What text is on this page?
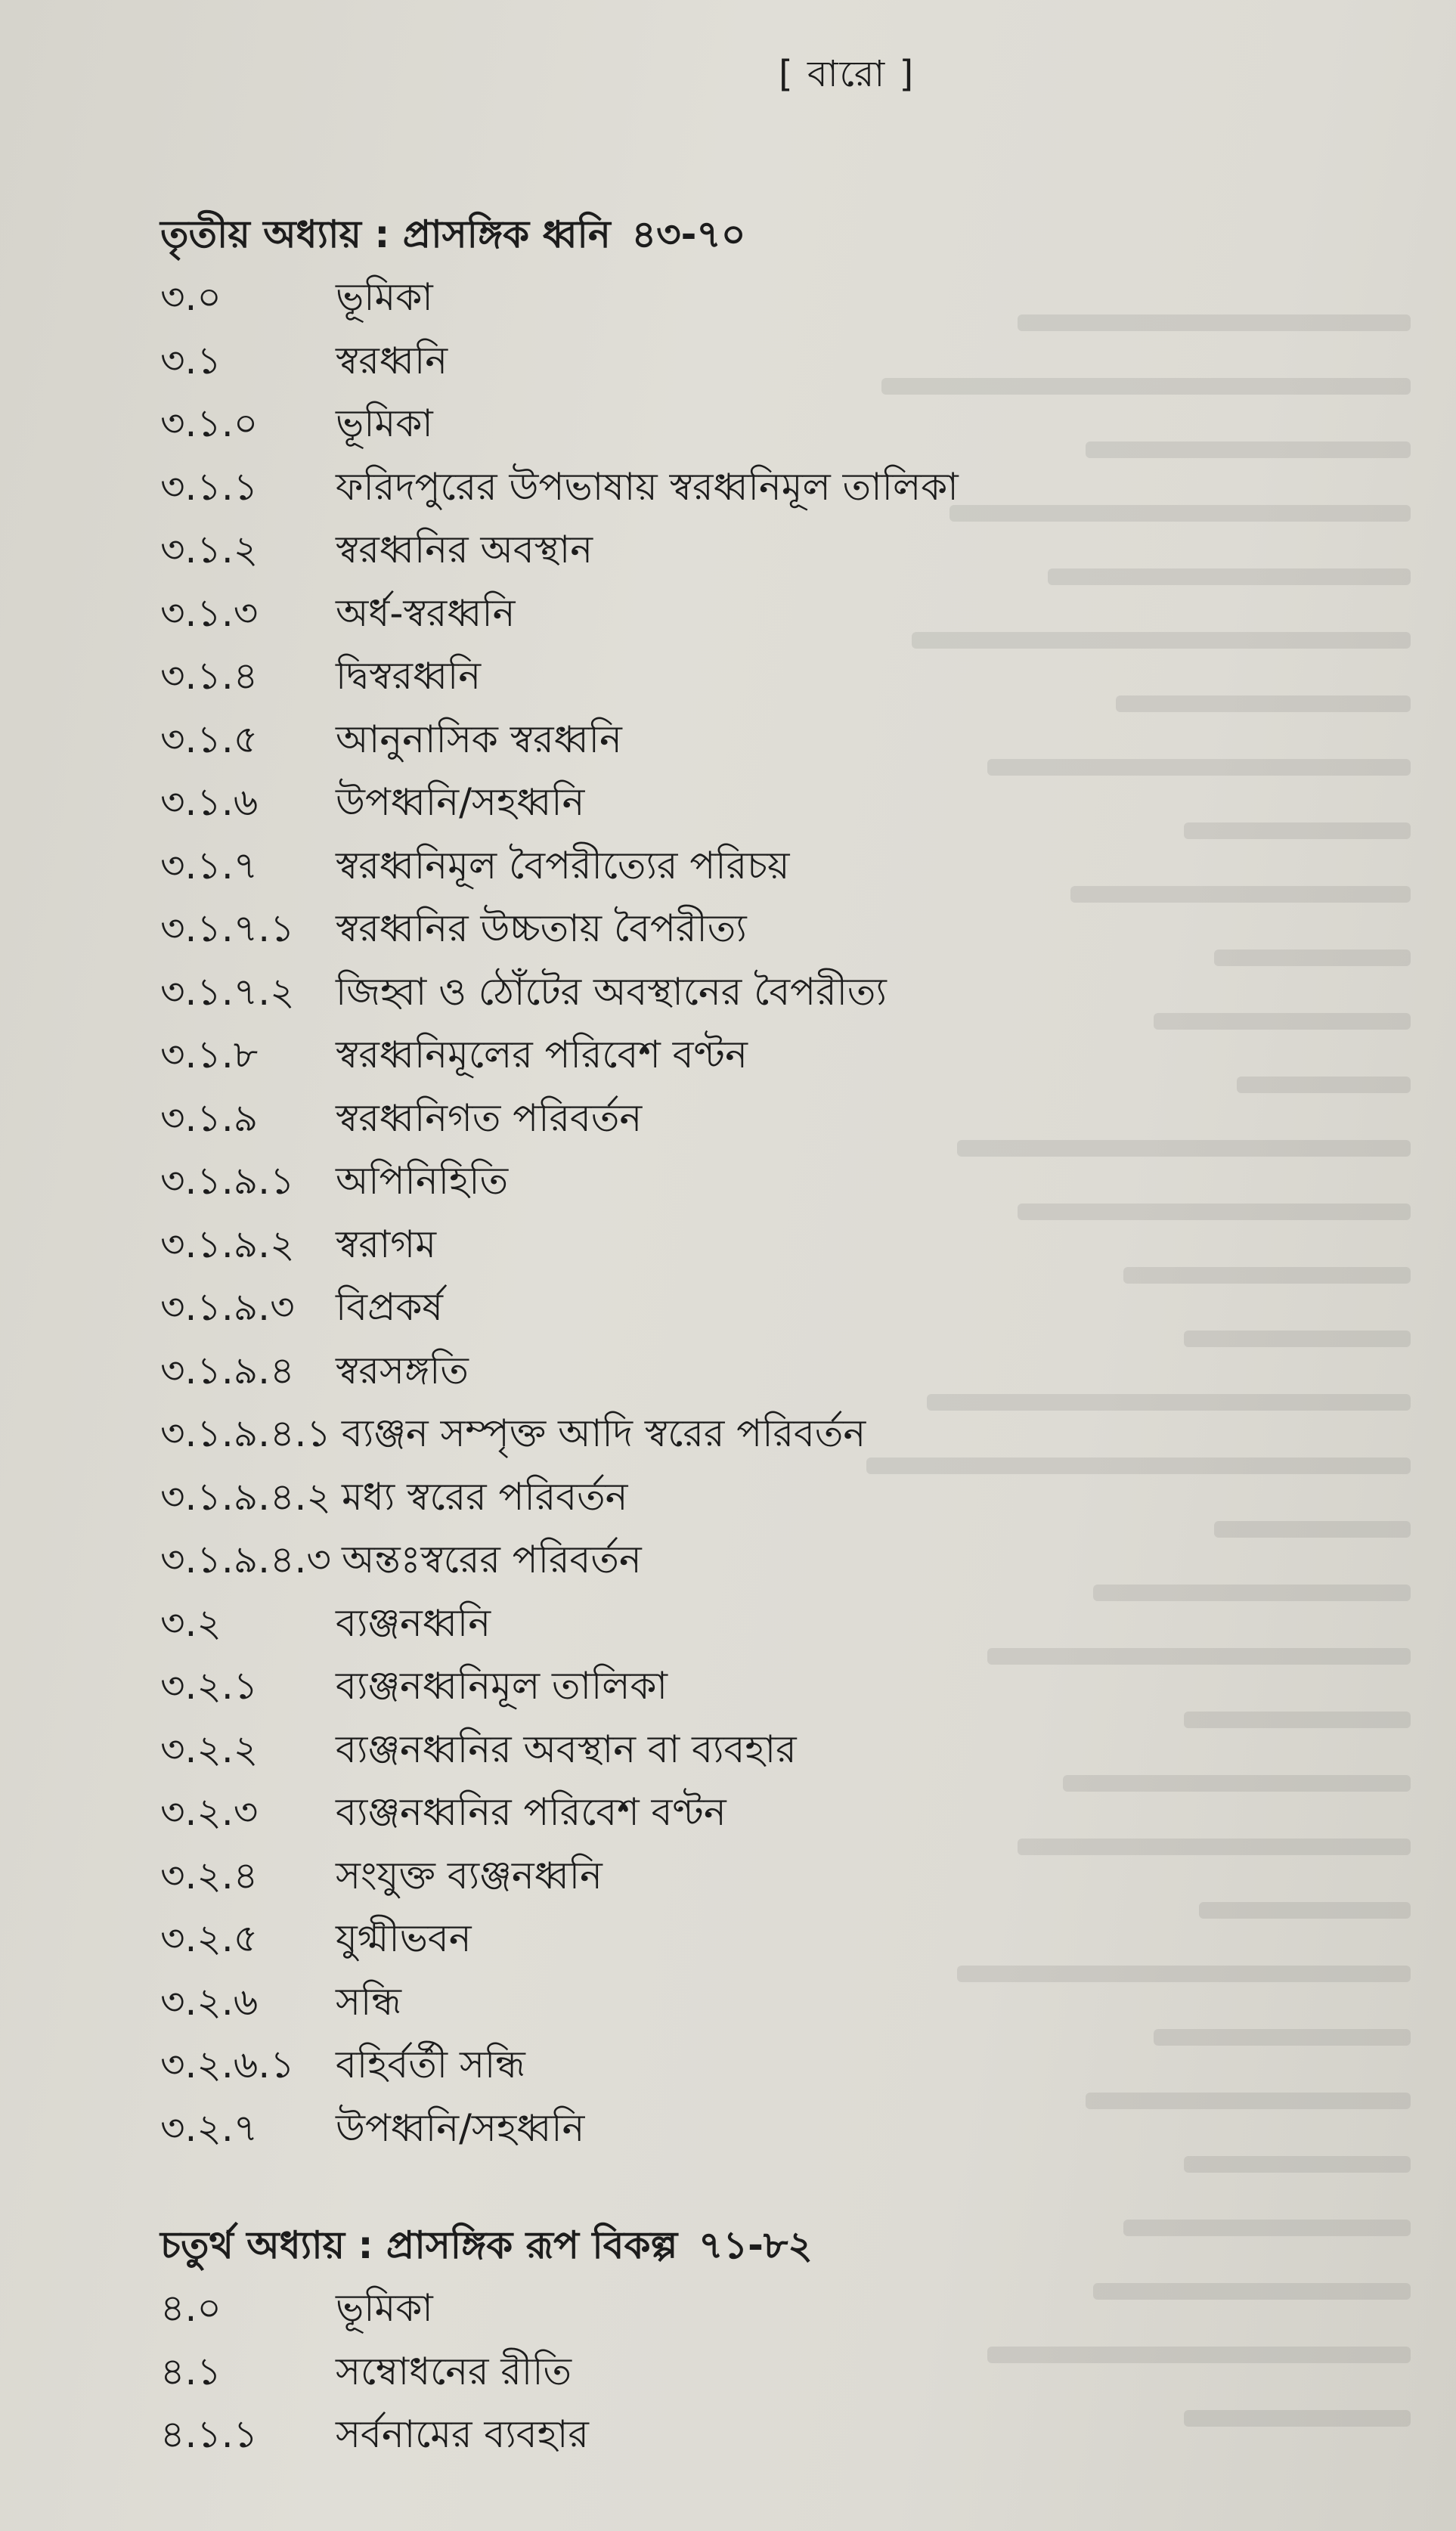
[ বারো ]
তৃতীয় অধ্যায় : প্রাসঙ্গিক ধ্বনি ৪৩-৭০
৩.০	ভূমিকা
৩.১	স্বরধ্বনি
৩.১.০	ভূমিকা
৩.১.১	ফরিদপুরের উপভাষায় স্বরধ্বনিমূল তালিকা
৩.১.২	স্বরধ্বনির অবস্থান
৩.১.৩	অর্ধ-স্বরধ্বনি
৩.১.৪	দ্বিস্বরধ্বনি
৩.১.৫	আনুনাসিক স্বরধ্বনি
৩.১.৬	উপধ্বনি/সহধ্বনি
৩.১.৭	স্বরধ্বনিমূল বৈপরীত্যের পরিচয়
৩.১.৭.১	স্বরধ্বনির উচ্চতায় বৈপরীত্য
৩.১.৭.২	জিহ্বা ও ঠোঁটের অবস্থানের বৈপরীত্য
৩.১.৮	স্বরধ্বনিমূলের পরিবেশ বণ্টন
৩.১.৯	স্বরধ্বনিগত পরিবর্তন
৩.১.৯.১	অপিনিহিতি
৩.১.৯.২	স্বরাগম
৩.১.৯.৩	বিপ্রকর্ষ
৩.১.৯.৪	স্বরসঙ্গতি
৩.১.৯.৪.১ ব্যঞ্জন সম্পৃক্ত আদি স্বরের পরিবর্তন
৩.১.৯.৪.২ মধ্য স্বরের পরিবর্তন
৩.১.৯.৪.৩ অন্তঃস্বরের পরিবর্তন
৩.২	ব্যঞ্জনধ্বনি
৩.২.১	ব্যঞ্জনধ্বনিমূল তালিকা
৩.২.২	ব্যঞ্জনধ্বনির অবস্থান বা ব্যবহার
৩.২.৩	ব্যঞ্জনধ্বনির পরিবেশ বণ্টন
৩.২.৪	সংযুক্ত ব্যঞ্জনধ্বনি
৩.২.৫	যুগ্মীভবন
৩.২.৬	সন্ধি
৩.২.৬.১	বহির্বর্তী সন্ধি
৩.২.৭	উপধ্বনি/সহধ্বনি
চতুর্থ অধ্যায় : প্রাসঙ্গিক রূপ বিকল্প ৭১-৮২
৪.০	ভূমিকা
৪.১	সম্বোধনের রীতি
৪.১.১	সর্বনামের ব্যবহার
